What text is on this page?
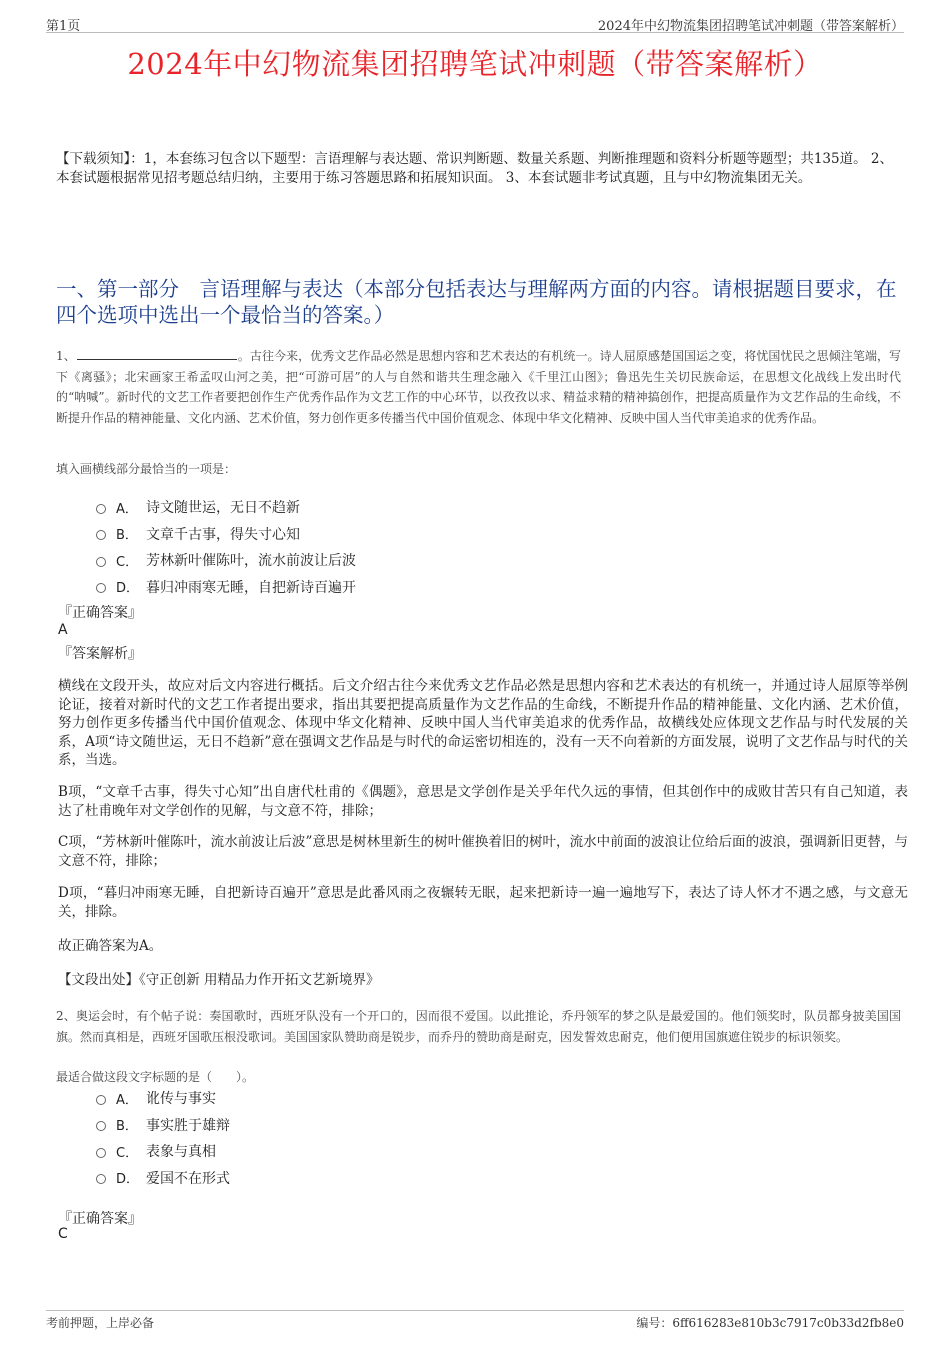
第1页	2024年中幻物流集团招聘笔试冲刺题（带答案解析）
2024年中幻物流集团招聘笔试冲刺题（带答案解析）
【下载须知】：1，本套练习包含以下题型：言语理解与表达题、常识判断题、数量关系题、判断推理题和资料分析题等题型；共135道。 2、本套试题根据常见招考题总结归纳，主要用于练习答题思路和拓展知识面。 3、本套试题非考试真题，且与中幻物流集团无关。
一、第一部分　言语理解与表达（本部分包括表达与理解两方面的内容。请根据题目要求，在四个选项中选出一个最恰当的答案。）
1、	。古往今来，优秀文艺作品必然是思想内容和艺术表达的有机统一。诗人屈原感楚国国运之变，将忧国忧民之思倾注笔端，写下《离骚》；北宋画家王希孟叹山河之美，把“可游可居”的人与自然和谐共生理念融入《千里江山图》；鲁迅先生关切民族命运，在思想文化战线上发出时代的“呐喊”。新时代的文艺工作者要把创作生产优秀作品作为文艺工作的中心环节，以孜孜以求、精益求精的精神搞创作，把提高质量作为文艺作品的生命线，不断提升作品的精神能量、文化内涵、艺术价值，努力创作更多传播当代中国价值观念、体现中华文化精神、反映中国人当代审美追求的优秀作品。
填入画横线部分最恰当的一项是：
A． 诗文随世运，无日不趋新
B． 文章千古事，得失寸心知
C． 芳林新叶催陈叶，流水前波让后波
D． 暮归冲雨寒无睡，自把新诗百遍开
『正确答案』
A
『答案解析』
横线在文段开头，故应对后文内容进行概括。后文介绍古往今来优秀文艺作品必然是思想内容和艺术表达的有机统一，并通过诗人屈原等举例论证，接着对新时代的文艺工作者提出要求，指出其要把提高质量作为文艺作品的生命线，不断提升作品的精神能量、文化内涵、艺术价值，努力创作更多传播当代中国价值观念、体现中华文化精神、反映中国人当代审美追求的优秀作品，故横线处应体现文艺作品与时代发展的关系，A项“诗文随世运，无日不趋新”意在强调文艺作品是与时代的命运密切相连的，没有一天不向着新的方面发展，说明了文艺作品与时代的关系，当选。
B项，“文章千古事，得失寸心知”出自唐代杜甫的《偶题》，意思是文学创作是关乎年代久远的事情，但其创作中的成败甘苦只有自己知道，表达了杜甫晚年对文学创作的见解，与文意不符，排除；
C项，“芳林新叶催陈叶，流水前波让后波”意思是树林里新生的树叶催换着旧的树叶，流水中前面的波浪让位给后面的波浪，强调新旧更替，与文意不符，排除；
D项，“暮归冲雨寒无睡，自把新诗百遍开”意思是此番风雨之夜辗转无眠，起来把新诗一遍一遍地写下，表达了诗人怀才不遇之感，与文意无关，排除。
故正确答案为A。
【文段出处】《守正创新 用精品力作开拓文艺新境界》
2、奥运会时，有个帖子说：奏国歌时，西班牙队没有一个开口的，因而很不爱国。以此推论，乔丹领军的梦之队是最爱国的。他们领奖时，队员都身披美国国旗。然而真相是，西班牙国歌压根没歌词。美国国家队赞助商是锐步，而乔丹的赞助商是耐克，因发誓效忠耐克，他们便用国旗遮住锐步的标识领奖。
最适合做这段文字标题的是（　　）。
A． 讹传与事实
B． 事实胜于雄辩
C． 表象与真相
D． 爱国不在形式
『正确答案』
C
考前押题，上岸必备	编号：6ff616283e810b3c7917c0b33d2fb8e0
